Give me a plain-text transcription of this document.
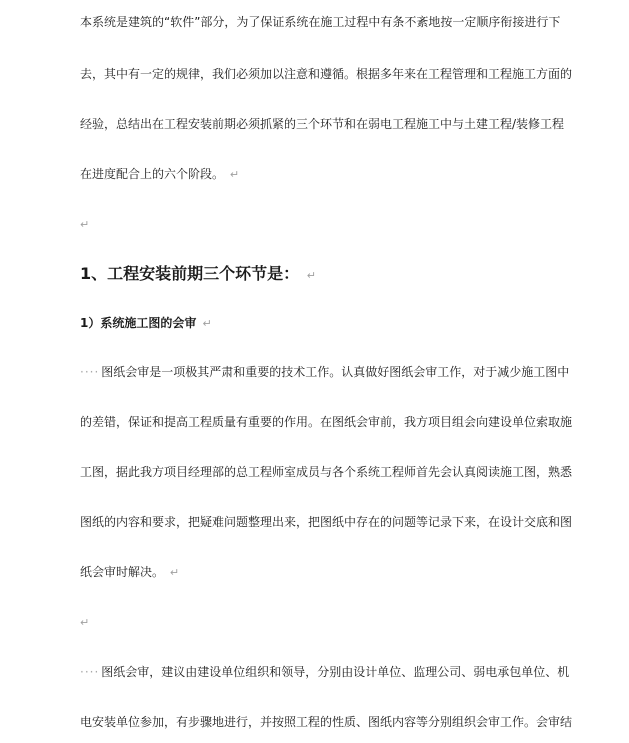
本系统是建筑的“软件”部分，为了保证系统在施工过程中有条不紊地按一定顺序衔接进行下
去，其中有一定的规律，我们必须加以注意和遵循。根据多年来在工程管理和工程施工方面的
经验，总结出在工程安装前期必须抓紧的三个环节和在弱电工程施工中与土建工程/装修工程
在进度配合上的六个阶段。 ↵
↵
1、工程安装前期三个环节是： ↵
1）系统施工图的会审 ↵
···· 图纸会审是一项极其严肃和重要的技术工作。认真做好图纸会审工作，对于减少施工图中
的差错，保证和提高工程质量有重要的作用。在图纸会审前，我方项目组会向建设单位索取施
工图，据此我方项目经理部的总工程师室成员与各个系统工程师首先会认真阅读施工图，熟悉
图纸的内容和要求，把疑难问题整理出来，把图纸中存在的问题等记录下来，在设计交底和图
纸会审时解决。 ↵
↵
···· 图纸会审，建议由建设单位组织和领导，分别由设计单位、监理公司、弱电承包单位、机
电安装单位参加，有步骤地进行，并按照工程的性质、图纸内容等分别组织会审工作。会审结
